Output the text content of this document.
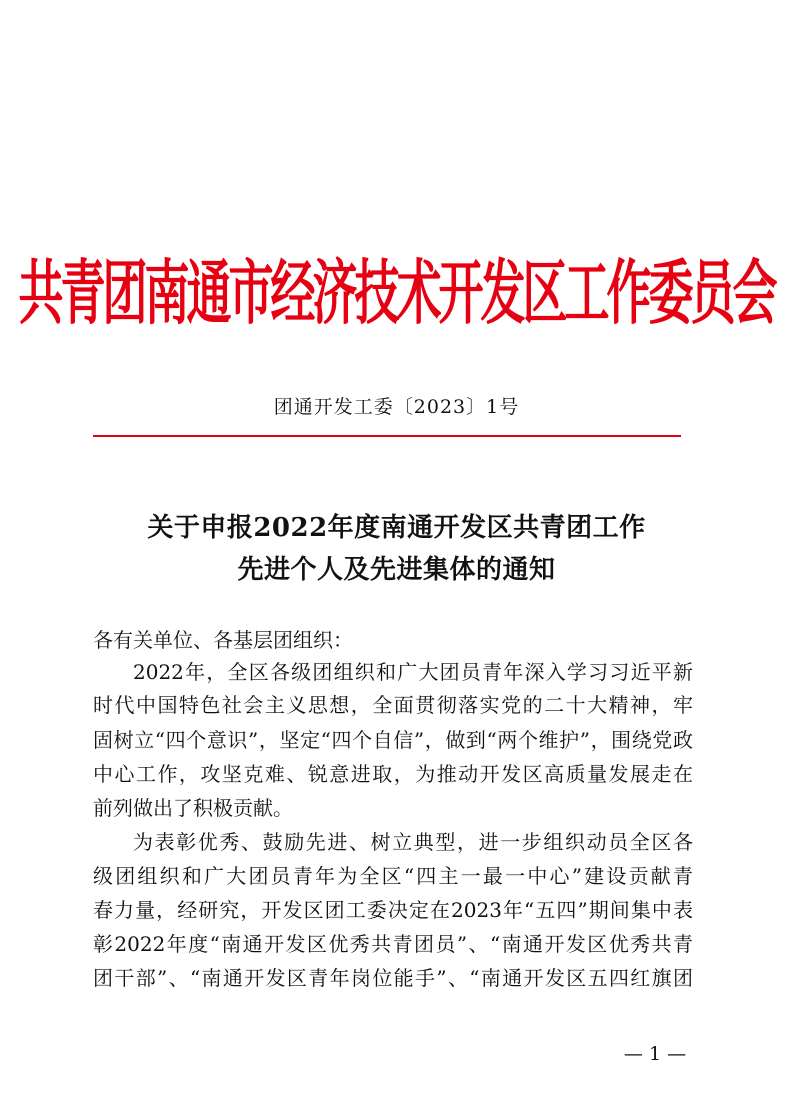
共青团南通市经济技术开发区工作委员会
团通开发工委〔2023〕1号
关于申报2022年度南通开发区共青团工作
先进个人及先进集体的通知
各有关单位、各基层团组织：
2022年，全区各级团组织和广大团员青年深入学习习近平新
时代中国特色社会主义思想，全面贯彻落实党的二十大精神，牢
固树立“四个意识”，坚定“四个自信”，做到“两个维护”，围绕党政
中心工作，攻坚克难、锐意进取，为推动开发区高质量发展走在
前列做出了积极贡献。
为表彰优秀、鼓励先进、树立典型，进一步组织动员全区各
级团组织和广大团员青年为全区“四主一最一中心”建设贡献青
春力量，经研究，开发区团工委决定在2023年“五四”期间集中表
彰2022年度“南通开发区优秀共青团员”、“南通开发区优秀共青
团干部”、“南通开发区青年岗位能手”、“南通开发区五四红旗团
— 1 —
